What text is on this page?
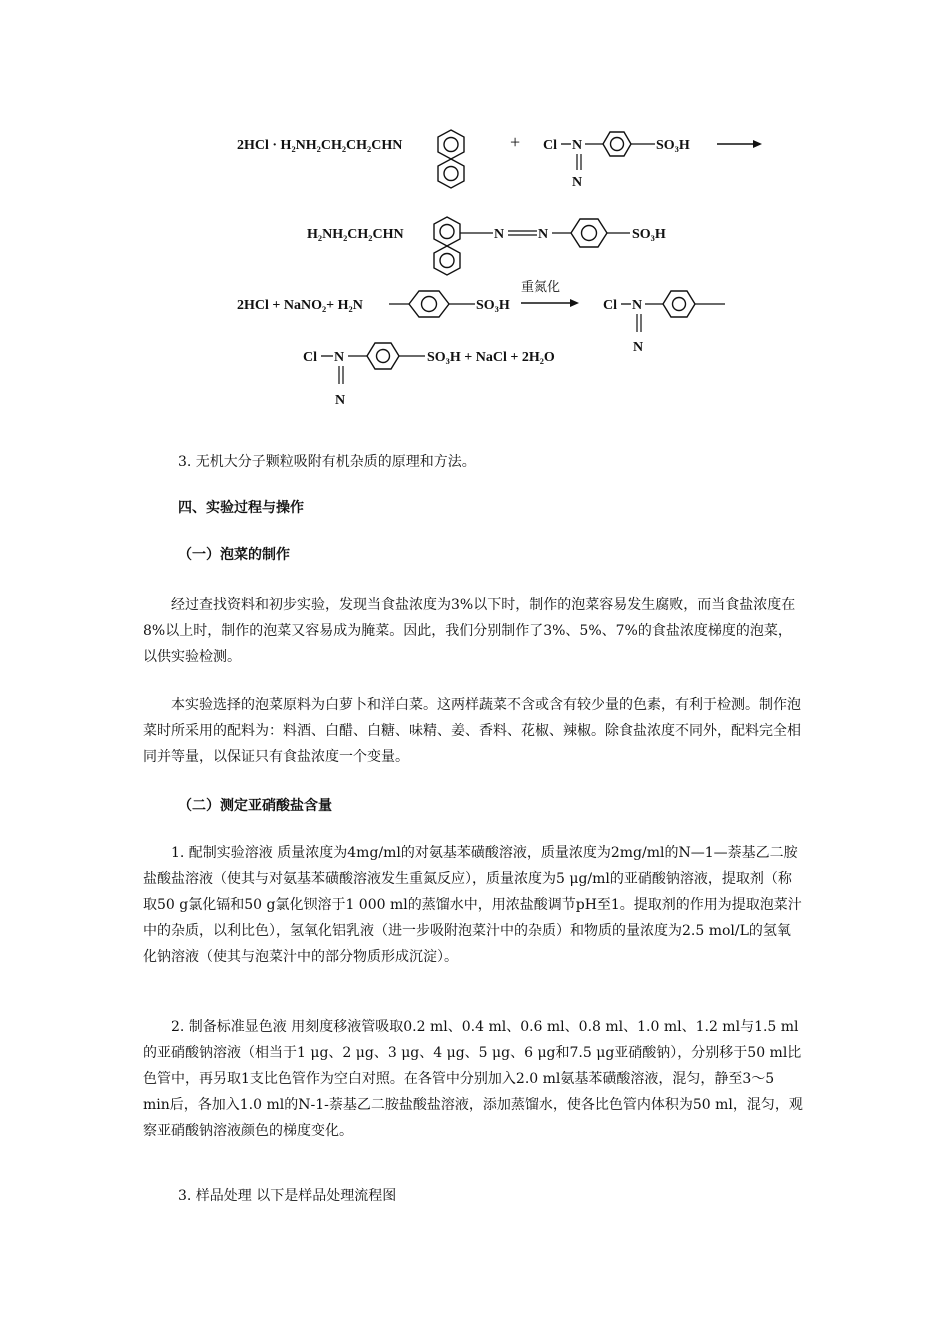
2HCl · H₂NH₂CH₂CH₂CHN	+ Cl N
N
SO₃H
H₂NH₂CH₂CHN	N N	SO₃H
2HCl + NaNO₂+ H₂N	SO₃H
重氮化
Cl N
N
Cl N
N
SO₃H + NaCl + 2H₂O

3. 无机大分子颗粒吸附有机杂质的原理和方法。

四、实验过程与操作

（一）泡菜的制作

经过查找资料和初步实验，发现当食盐浓度为3%以下时，制作的泡菜容易发生腐败，而当食盐浓度在8%以上时，制作的泡菜又容易成为腌菜。因此，我们分别制作了3%、5%、7%的食盐浓度梯度的泡菜，以供实验检测。

本实验选择的泡菜原料为白萝卜和洋白菜。这两样蔬菜不含或含有较少量的色素，有利于检测。制作泡菜时所采用的配料为：料酒、白醋、白糖、味精、姜、香料、花椒、辣椒。除食盐浓度不同外，配料完全相同并等量，以保证只有食盐浓度一个变量。

（二）测定亚硝酸盐含量

1. 配制实验溶液 质量浓度为4mg/ml的对氨基苯磺酸溶液，质量浓度为2mg/ml的N—1—萘基乙二胺盐酸盐溶液（使其与对氨基苯磺酸溶液发生重氮反应），质量浓度为5 μg/ml的亚硝酸钠溶液，提取剂（称取50 g氯化镉和50 g氯化钡溶于1 000 ml的蒸馏水中，用浓盐酸调节pH至1。提取剂的作用为提取泡菜汁中的杂质，以利比色），氢氧化铝乳液（进一步吸附泡菜汁中的杂质）和物质的量浓度为2.5 mol/L的氢氧化钠溶液（使其与泡菜汁中的部分物质形成沉淀）。

2. 制备标准显色液 用刻度移液管吸取0.2 ml、0.4 ml、0.6 ml、0.8 ml、1.0 ml、1.2 ml与1.5 ml的亚硝酸钠溶液（相当于1 μg、2 μg、3 μg、4 μg、5 μg、6 μg和7.5 μg亚硝酸钠），分别移于50 ml比色管中，再另取1支比色管作为空白对照。在各管中分别加入2.0 ml氨基苯磺酸溶液，混匀，静至3～5 min后，各加入1.0 ml的N-1-萘基乙二胺盐酸盐溶液，添加蒸馏水，使各比色管内体积为50 ml，混匀，观察亚硝酸钠溶液颜色的梯度变化。

3. 样品处理 以下是样品处理流程图
